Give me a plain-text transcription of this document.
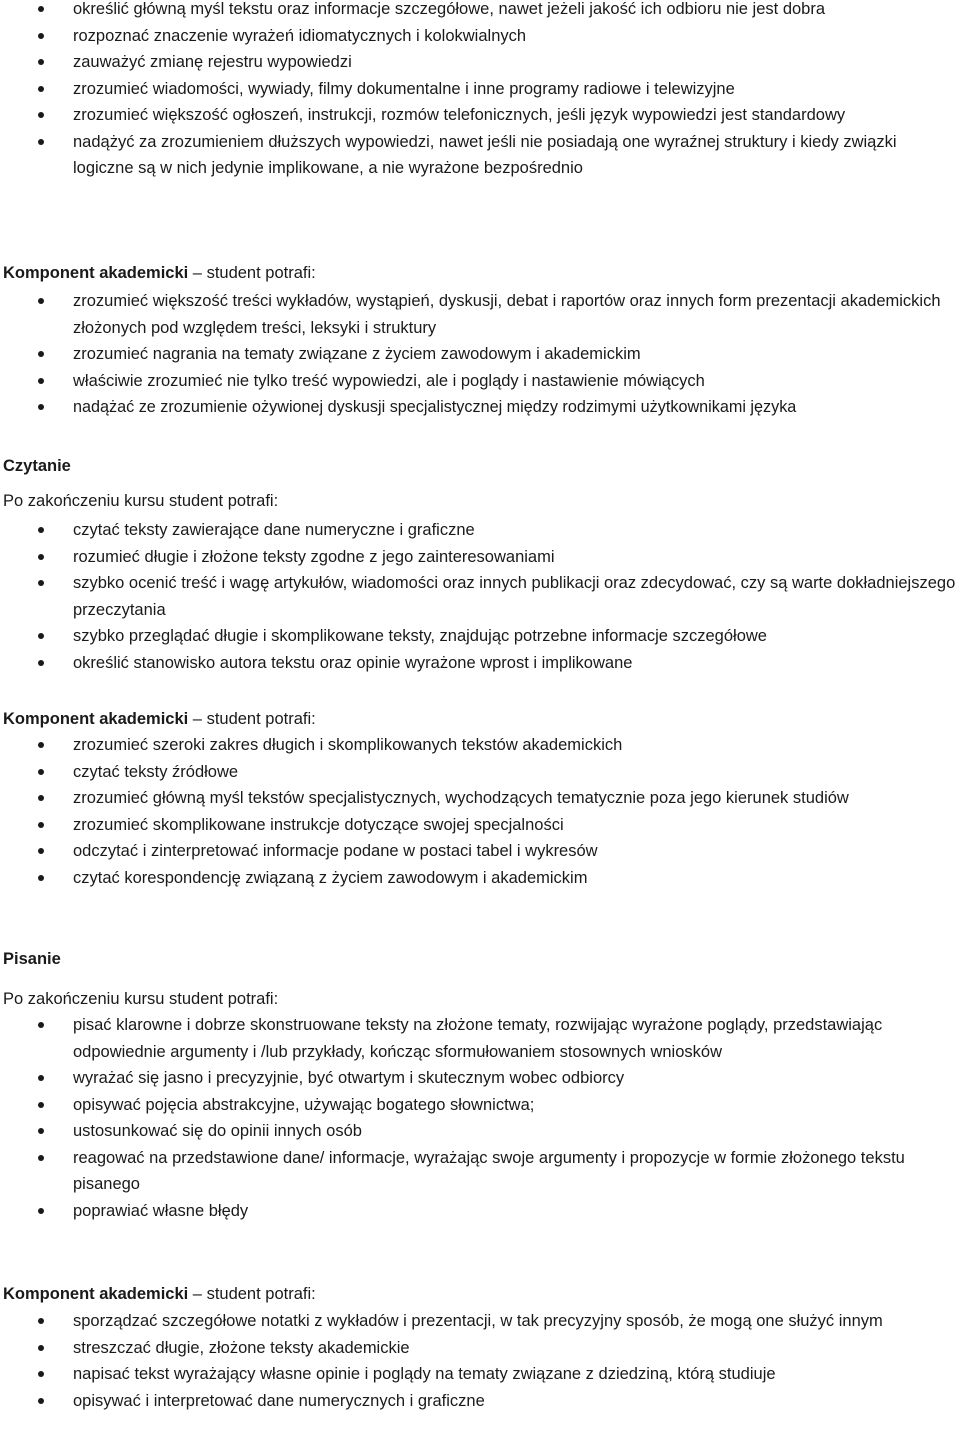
określić główną myśl tekstu oraz informacje szczegółowe, nawet jeżeli jakość ich odbioru nie jest dobra
rozpoznać znaczenie wyrażeń idiomatycznych i kolokwialnych
zauważyć zmianę rejestru wypowiedzi
zrozumieć wiadomości, wywiady, filmy dokumentalne i inne programy radiowe i telewizyjne
zrozumieć większość ogłoszeń, instrukcji, rozmów telefonicznych, jeśli język wypowiedzi jest standardowy
nadążyć za zrozumieniem dłuższych wypowiedzi, nawet jeśli nie posiadają one wyraźnej struktury i kiedy związki logiczne są w nich jedynie implikowane, a nie wyrażone bezpośrednio
Komponent akademicki – student potrafi:
zrozumieć większość treści wykładów, wystąpień, dyskusji, debat i raportów oraz innych form prezentacji akademickich złożonych pod względem treści, leksyki i struktury
zrozumieć nagrania na tematy związane z życiem zawodowym i akademickim
właściwie zrozumieć nie tylko treść wypowiedzi, ale i poglądy i nastawienie mówiących
nadążać ze zrozumienie ożywionej dyskusji specjalistycznej między rodzimymi użytkownikami języka
Czytanie
Po zakończeniu kursu student potrafi:
czytać teksty zawierające dane numeryczne i graficzne
rozumieć długie i złożone teksty zgodne z jego zainteresowaniami
szybko ocenić treść i wagę artykułów, wiadomości oraz innych publikacji oraz zdecydować, czy są warte dokładniejszego przeczytania
szybko przeglądać długie i skomplikowane teksty, znajdując potrzebne informacje szczegółowe
określić stanowisko autora tekstu oraz opinie wyrażone wprost i implikowane
Komponent akademicki – student potrafi:
zrozumieć szeroki zakres długich i skomplikowanych tekstów akademickich
czytać teksty źródłowe
zrozumieć główną myśl tekstów specjalistycznych, wychodzących tematycznie poza jego kierunek studiów
zrozumieć skomplikowane instrukcje dotyczące swojej specjalności
odczytać i zinterpretować informacje podane w postaci tabel i wykresów
czytać korespondencję związaną z życiem zawodowym i akademickim
Pisanie
Po zakończeniu kursu student potrafi:
pisać klarowne i dobrze skonstruowane teksty na złożone tematy, rozwijając wyrażone poglądy, przedstawiając odpowiednie argumenty i /lub przykłady, kończąc sformułowaniem stosownych wniosków
wyrażać się jasno i precyzyjnie, być otwartym i skutecznym wobec odbiorcy
opisywać pojęcia abstrakcyjne, używając bogatego słownictwa;
ustosunkować się do opinii innych osób
reagować na przedstawione dane/ informacje, wyrażając swoje argumenty i propozycje w formie złożonego tekstu pisanego
poprawiać własne błędy
Komponent akademicki – student potrafi:
sporządzać szczegółowe notatki z wykładów i prezentacji, w tak precyzyjny sposób, że mogą one służyć innym
streszczać długie, złożone teksty akademickie
napisać tekst wyrażający własne opinie i poglądy na tematy związane z dziedziną, którą studiuje
opisywać i interpretować dane numerycznych i graficzne
